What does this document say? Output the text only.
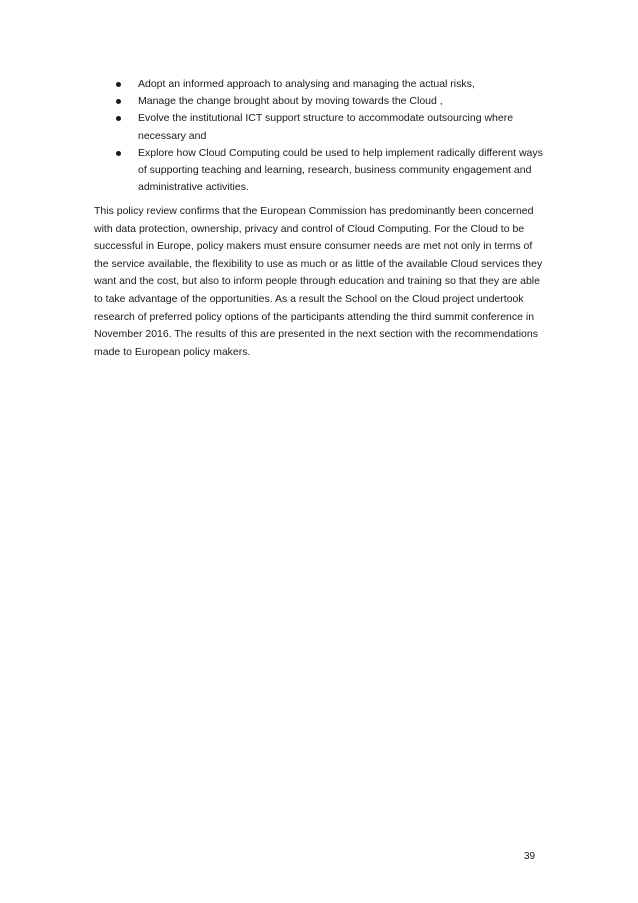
Adopt an informed approach to analysing and managing the actual risks,
Manage the change brought about by moving towards the Cloud ,
Evolve the institutional ICT support structure to accommodate outsourcing where necessary and
Explore how Cloud Computing could be used to help implement radically different ways of supporting teaching and learning, research, business community engagement and administrative activities.

This policy review confirms that the European Commission has predominantly been concerned with data protection, ownership, privacy and control of Cloud Computing. For the Cloud to be successful in Europe, policy makers must ensure consumer needs are met not only in terms of the service available, the flexibility to use as much or as little of the available Cloud services they want and the cost, but also to inform people through education and training so that they are able to take advantage of the opportunities. As a result the School on the Cloud project undertook research of preferred policy options of the participants attending the third summit conference in November 2016. The results of this are presented in the next section with the recommendations made to European policy makers.

39
